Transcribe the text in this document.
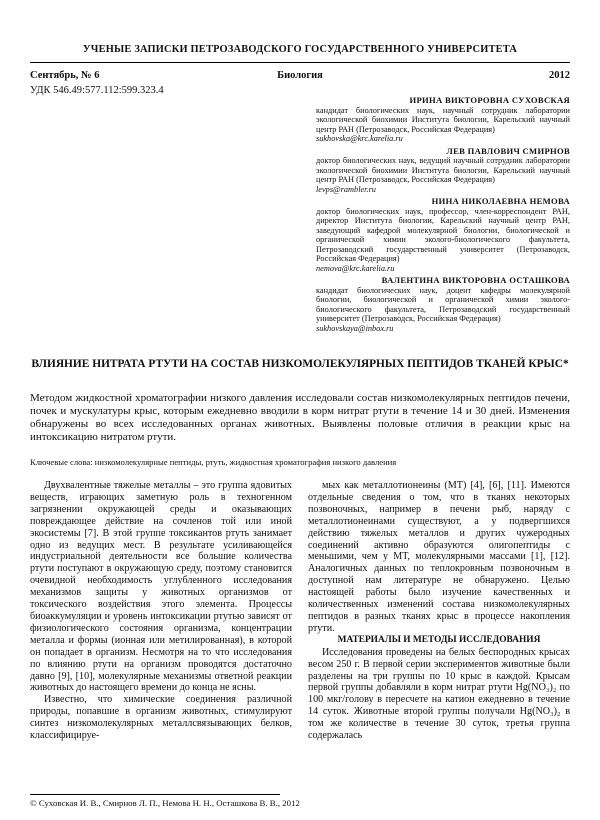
УЧЕНЫЕ ЗАПИСКИ ПЕТРОЗАВОДСКОГО ГОСУДАРСТВЕННОГО УНИВЕРСИТЕТА
Сентябрь, № 6	Биология	2012
УДК 546.49:577.112:599.323.4
ИРИНА ВИКТОРОВНА СУХОВСКАЯ
кандидат биологических наук, научный сотрудник лаборатории экологической биохимии Института биологии, Карельский научный центр РАН (Петрозаводск, Российская Федерация)
sukhovska@krc.karelia.ru
ЛЕВ ПАВЛОВИЧ СМИРНОВ
доктор биологических наук, ведущий научный сотрудник лаборатории экологической биохимии Института биологии, Карельский научный центр РАН (Петрозаводск, Российская Федерация)
levps@rambler.ru
НИНА НИКОЛАЕВНА НЕМОВА
доктор биологических наук, профессор, член-корреспондент РАН, директор Института биологии, Карельский научный центр РАН, заведующий кафедрой молекулярной биологии, биологической и органической химии эколого-биологического факультета, Петрозаводский государственный университет (Петрозаводск, Российская Федерация)
nemova@krc.karelia.ru
ВАЛЕНТИНА ВИКТОРОВНА ОСТАШКОВА
кандидат биологических наук, доцент кафедры молекулярной биологии, биологической и органической химии эколого-биологического факультета, Петрозаводский государственный университет (Петрозаводск, Российская Федерация)
sukhovskaya@inbox.ru
ВЛИЯНИЕ НИТРАТА РТУТИ НА СОСТАВ НИЗКОМОЛЕКУЛЯРНЫХ ПЕПТИДОВ ТКАНЕЙ КРЫС*
Методом жидкостной хроматографии низкого давления исследовали состав низкомолекулярных пептидов печени, почек и мускулатуры крыс, которым ежедневно вводили в корм нитрат ртути в течение 14 и 30 дней. Изменения обнаружены во всех исследованных органах животных. Выявлены половые отличия в реакции крыс на интоксикацию нитратом ртути.
Ключевые слова: низкомолекулярные пептиды, ртуть, жидкостная хроматография низкого давления

Двухвалентные тяжелые металлы – это группа ядовитых веществ, играющих заметную роль в техногенном загрязнении окружающей среды и оказывающих повреждающее действие на сочленов той или иной экосистемы [7]. В этой группе токсикантов ртуть занимает одно из ведущих мест. В результате усиливающейся индустриальной деятельности все большие количества ртути поступают в окружающую среду, поэтому становится очевидной необходимость углубленного исследования механизмов защиты у животных организмов от токсического воздействия этого элемента. Процессы биоаккумуляции и уровень интоксикации ртутью зависят от физиологического состояния организма, концентрации металла и формы (ионная или метилированная), в которой он попадает в организм. Несмотря на то что исследования по влиянию ртути на организм проводятся достаточно давно [9], [10], молекулярные механизмы ответной реакции животных до настоящего времени до конца не ясны.

Известно, что химические соединения различной природы, попавшие в организм животных, стимулируют синтез низкомолекулярных металлсвязывающих белков, классифицируе-

мых как металлотионеины (МТ) [4], [6], [11]. Имеются отдельные сведения о том, что в тканях некоторых позвоночных, например в печени рыб, наряду с металлотионеинами существуют, а у подвергшихся действию тяжелых металлов и других чужеродных соединений активно образуются олигопептиды с меньшими, чем у МТ, молекулярными массами [1], [12]. Аналогичных данных по теплокровным позвоночным в доступной нам литературе не обнаружено. Целью настоящей работы было изучение качественных и количественных изменений состава низкомолекулярных пептидов в разных тканях крыс в процессе накопления ртути.

МАТЕРИАЛЫ И МЕТОДЫ ИССЛЕДОВАНИЯ

Исследования проведены на белых беспородных крысах весом 250 г. В первой серии экспериментов животные были разделены на три группы по 10 крыс в каждой. Крысам первой группы добавляли в корм нитрат ртути Hg(NO₃)₂ по 100 мкг/голову в пересчете на катион ежедневно в течение 14 суток. Животные второй группы получали Hg(NO₃)₂ в том же количестве в течение 30 суток, третья группа содержалась

© Суховская И. В., Смирнов Л. П., Немова Н. Н., Осташкова В. В., 2012
